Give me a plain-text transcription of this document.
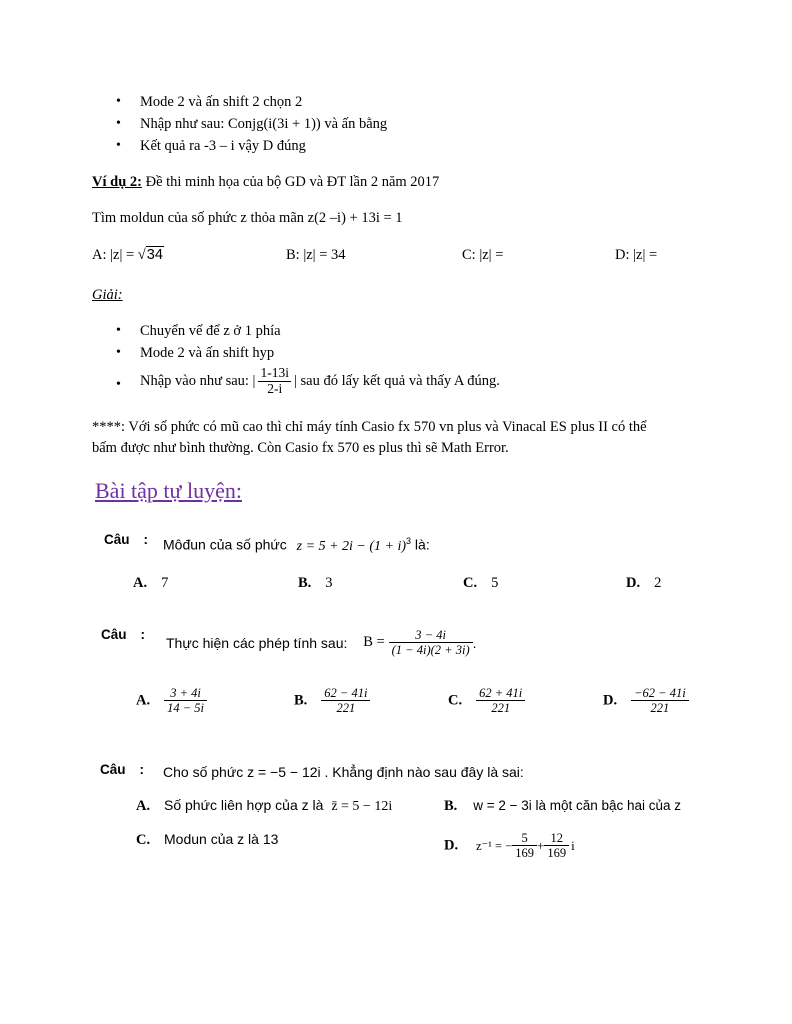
• Mode 2 và ấn shift 2 chọn 2
• Nhập như sau: Conjg(i(3i + 1)) và ấn bằng
• Kết quả ra -3 – i vậy D đúng
Ví dụ 2: Đề thi minh họa của bộ GD và ĐT lần 2 năm 2017
Tìm moldun của số phức z thỏa mãn z(2 –i) + 13i = 1
A: |z| = √34	B: |z| = 34	C: |z| =	D: |z| =
Giải:
• Chuyển vế để z ở 1 phía
• Mode 2 và ấn shift hyp
• Nhập vào như sau: | $\frac{1-13i}{2-i}$ | sau đó lấy kết quả và thấy A đúng.
****: Với số phức có mũ cao thì chỉ máy tính Casio fx 570 vn plus và Vinacal ES plus II có thể
bấm được như bình thường. Còn Casio fx 570 es plus thì sẽ Math Error.
Bài tập tự luyện:
Câu : Môđun của số phức $z = 5 + 2i - (1 + i)^3$ là:
A. 7	B. 3	C. 5	D. 2
Câu :
Thực hiện các phép tính sau: $B = \frac{3 - 4i}{(1 - 4i)(2 + 3i)}$ .
A. $\frac{3 + 4i}{14 - 5i}$	B. $\frac{62 - 41i}{221}$	C. $\frac{62 + 41i}{221}$	D. $\frac{-62 - 41i}{221}$
Câu : Cho số phức z = −5 − 12i . Khẳng định nào sau đây là sai:
A. Số phức liên hợp của z là z̄ = 5 − 12i	B. w = 2 − 3i là một căn bậc hai của z
C. Modun của z là 13	D. z⁻¹ = − $\frac{5}{169} + \frac{12}{169}$ i
